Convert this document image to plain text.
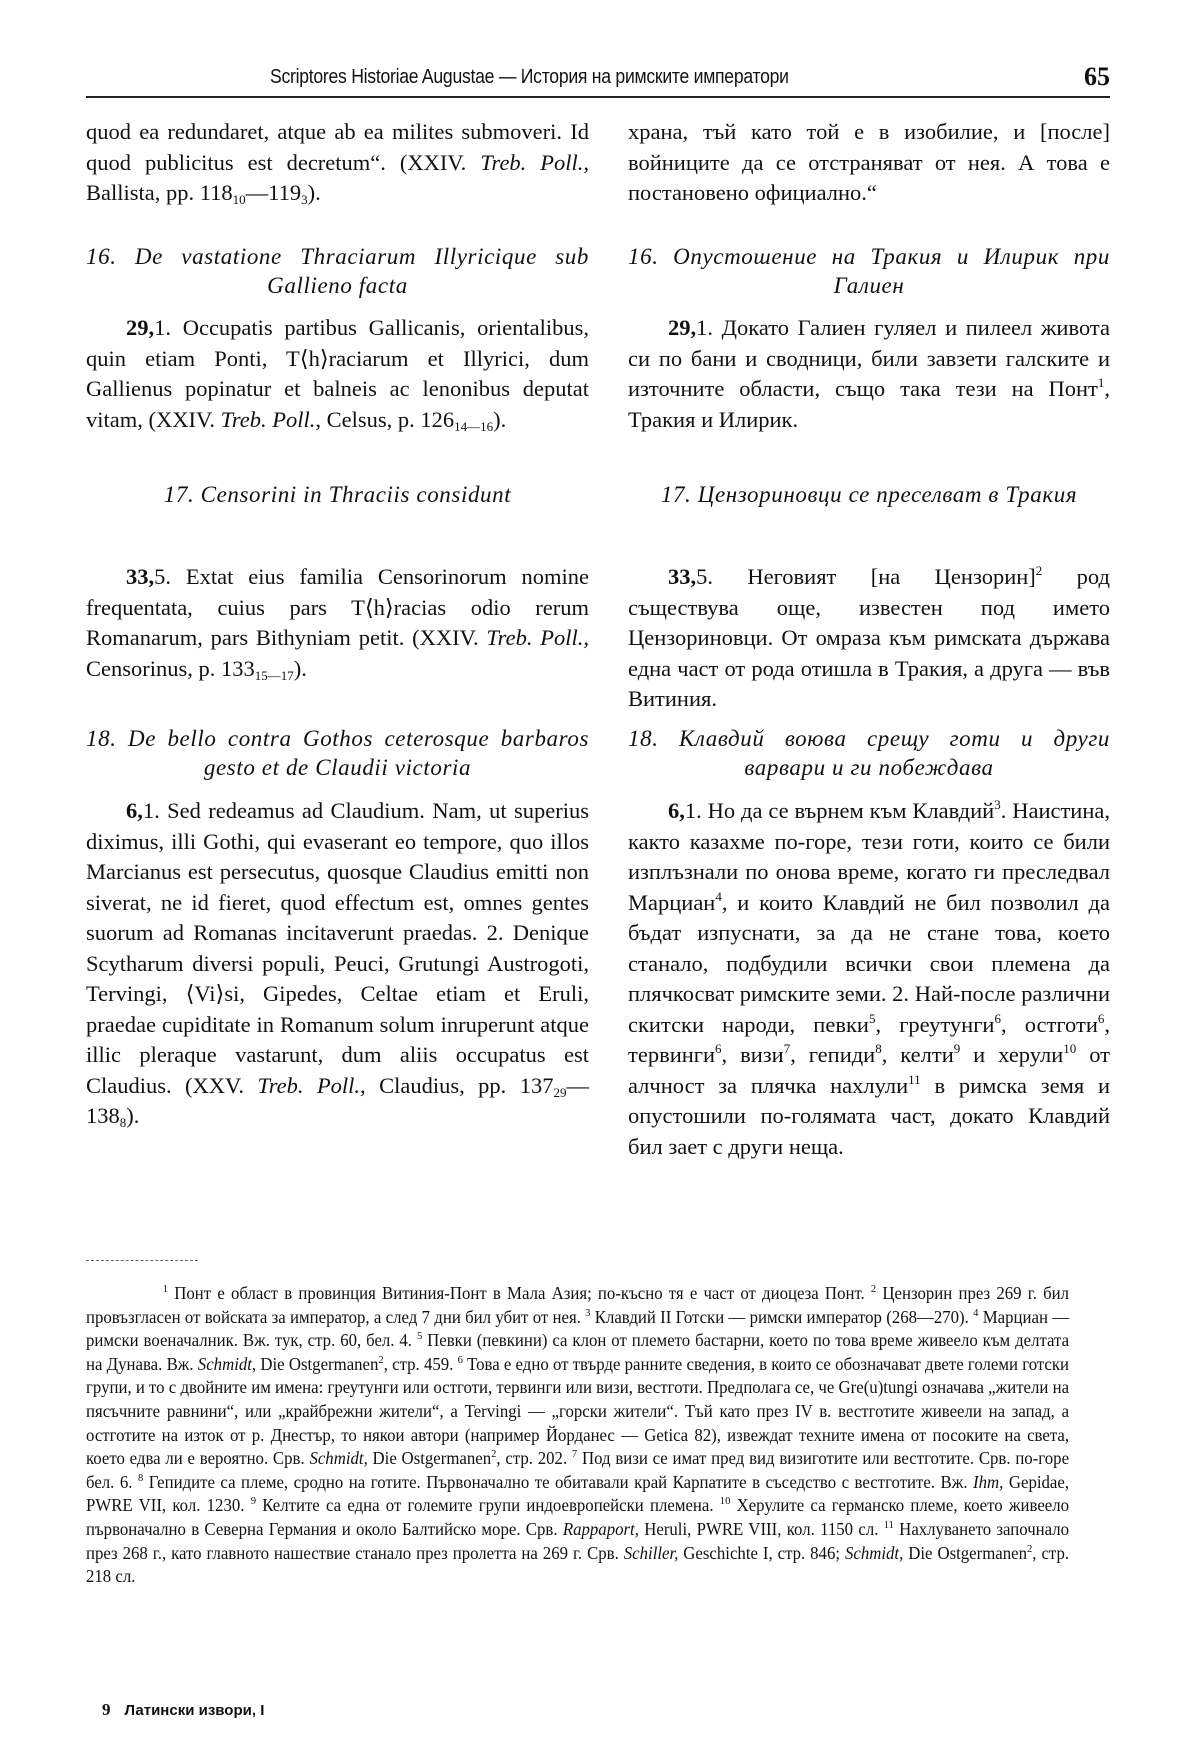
Scriptores Historiae Augustae — История на римските императори	65

quod ea redundaret, atque ab ea milites submoveri. Id quod publicitus est decretum“. (XXIV. Treb. Poll., Ballista, pp. $118_{10}—119_3$).

16. De vastatione Thraciarum Illyricique sub Gallieno facta

29,1. Occupatis partibus Gallicanis, orientalibus, quin etiam Ponti, T⟨h⟩raciarum et Illyrici, dum Gallienus popinatur et balneis ac lenonibus deputat vitam, (XXIV. Treb. Poll., Celsus, p. $126_{14—16}$).

17. Censorini in Thraciis considunt

33,5. Extat eius familia Censorinorum nomine frequentata, cuius pars T⟨h⟩racias odio rerum Romanarum, pars Bithyniam petit. (XXIV. Treb. Poll., Censorinus, p. $133_{15—17}$).

18. De bello contra Gothos ceterosque barbaros gesto et de Claudii victoria

6,1. Sed redeamus ad Claudium. Nam, ut superius diximus, illi Gothi, qui evaserant eo tempore, quo illos Marcianus est persecutus, quosque Claudius emitti non siverat, ne id fieret, quod effectum est, omnes gentes suorum ad Romanas incitaverunt praedas. 2. Denique Scytharum diversi populi, Peuci, Grutungi Austrogoti, Tervingi, ⟨Vi⟩si, Gipedes, Celtae etiam et Eruli, praedae cupiditate in Romanum solum inruperunt atque illic pleraque vastarunt, dum aliis occupatus est Claudius. (XXV. Treb. Poll., Claudius, pp. $137_{29}—138_8$).

храна, тъй като той е в изобилие, и [после] войниците да се отстраняват от нея. А това е постановено официално.“

16. Опустошение на Тракия и Илирик при Галиен

29,1. Докато Галиен гуляел и пилеел живота си по бани и сводници, били завзети галските и източните области, също така тези на Понт$^1$, Тракия и Илирик.

17. Цензориновци се преселват в Тракия

33,5. Неговият [на Цензорин]$^2$ род съществува още, известен под името Цензориновци. От омраза към римската държава една част от рода отишла в Тракия, а друга — във Витиния.

18. Клавдий воюва срещу готи и други варвари и ги побеждава

6,1. Но да се върнем към Клавдий$^3$. Наистина, както казахме по-горе, тези готи, които се били изплъзнали по онова време, когато ги преследвал Марциан$^4$, и които Клавдий не бил позволил да бъдат изпуснати, за да не стане това, което станало, подбудили всички свои племена да плячкосват римските земи. 2. Най-после различни скитски народи, певки$^5$, греутунги$^6$, остготи$^6$, тервинги$^6$, визи$^7$, гепиди$^8$, келти$^9$ и херули$^{10}$ от алчност за плячка нахлули$^{11}$ в римска земя и опустошили по-голямата част, докато Клавдий бил зает с други неща.

$^1$ Понт е област в провинция Витиния-Понт в Мала Азия; по-късно тя е част от диоцеза Понт. $^2$ Цензорин през 269 г. бил провъзгласен от войската за император, а след 7 дни бил убит от нея. $^3$ Клавдий II Готски — римски император (268—270). $^4$ Марциан — римски военачалник. Вж. тук, стр. 60, бел. 4. $^5$ Певки (певкини) са клон от племето бастарни, което по това време живеело към делтата на Дунава. Вж. Schmidt, Die Ostgermanen$^2$, стр. 459. $^6$ Това е едно от твърде ранните сведения, в които се обозначават двете големи готски групи, и то с двойните им имена: греутунги или остготи, тервинги или визи, вестготи. Предполага се, че Gre(u)tungi означава „жители на пясъчните равнини“, или „крайбрежни жители“, а Tervingi — „горски жители“. Тъй като през IV в. вестготите живеели на запад, а остготите на изток от р. Днестър, то някои автори (например Йорданес — Getica 82), извеждат техните имена от посоките на света, което едва ли е вероятно. Срв. Schmidt, Die Ostgermanen$^2$, стр. 202. $^7$ Под визи се имат пред вид визиготите или вестготите. Срв. по-горе бел. 6. $^8$ Гепидите са племе, сродно на готите. Първоначално те обитавали край Карпатите в съседство с вестготите. Вж. Ihm, Gepidae, PWRE VII, кол. 1230. $^9$ Келтите са една от големите групи индоевропейски племена. $^{10}$ Херулите са германско племе, което живеело първоначално в Северна Германия и около Балтийско море. Срв. Rappaport, Heruli, PWRE VIII, кол. 1150 сл. $^{11}$ Нахлуването започнало през 268 г., като главното нашествие станало през пролетта на 269 г. Срв. Schiller, Geschichte I, стр. 846; Schmidt, Die Ostgermanen$^2$, стр. 218 сл.

9 Латински извори, I
